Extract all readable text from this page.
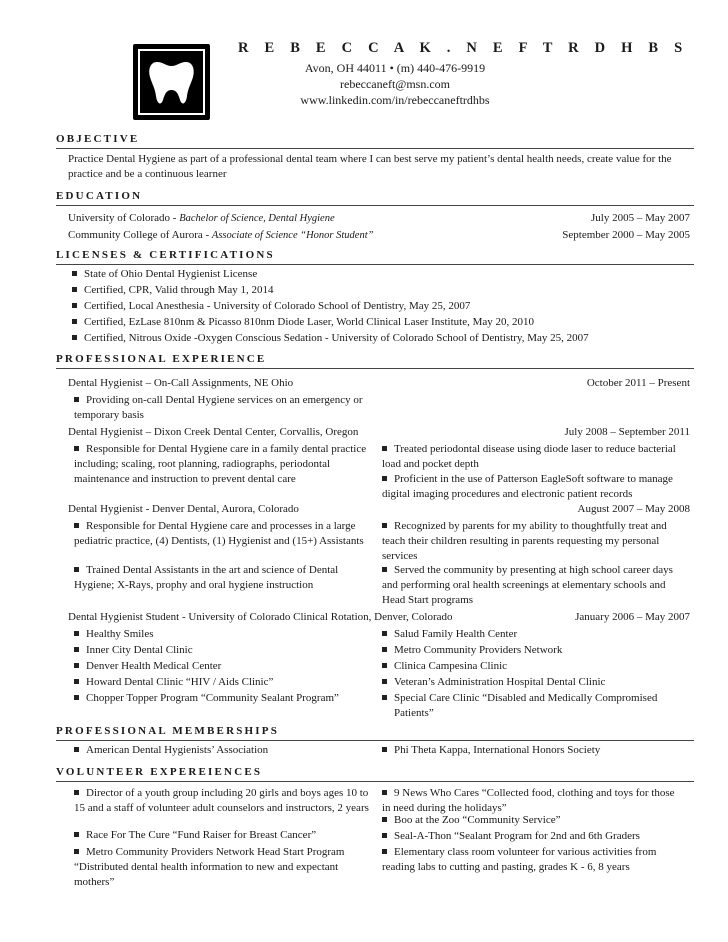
R E B E C C A K . N E F T R D H B S
Avon, OH 44011 • (m) 440-476-9919
rebeccaneft@msn.com
www.linkedin.com/in/rebeccaneftrdhbs
OBJECTIVE
Practice Dental Hygiene as part of a professional dental team where I can best serve my patient’s dental health needs, create value for the practice and be a continuous learner
EDUCATION
University of Colorado - Bachelor of Science, Dental Hygiene	July 2005 – May 2007
Community College of Aurora - Associate of Science “Honor Student”	September 2000 – May 2005
LICENSES & CERTIFICATIONS
State of Ohio Dental Hygienist License
Certified, CPR, Valid through May 1, 2014
Certified, Local Anesthesia - University of Colorado School of Dentistry, May 25, 2007
Certified, EzLase 810nm & Picasso 810nm Diode Laser, World Clinical Laser Institute, May 20, 2010
Certified, Nitrous Oxide -Oxygen Conscious Sedation - University of Colorado School of Dentistry, May 25, 2007
PROFESSIONAL EXPERIENCE
Dental Hygienist – On-Call Assignments, NE Ohio	October 2011 – Present
Providing on-call Dental Hygiene services on an emergency or temporary basis
Dental Hygienist – Dixon Creek Dental Center, Corvallis, Oregon	July 2008 – September 2011
Responsible for Dental Hygiene care in a family dental practice including; scaling, root planning, radiographs, periodontal maintenance and instruction to prevent dental care
Treated periodontal disease using diode laser to reduce bacterial load and pocket depth
Proficient in the use of Patterson EagleSoft software to manage digital imaging procedures and electronic patient records
Dental Hygienist - Denver Dental, Aurora, Colorado	August 2007 – May 2008
Responsible for Dental Hygiene care and processes in a large pediatric practice, (4) Dentists, (1) Hygienist and (15+) Assistants
Trained Dental Assistants in the art and science of Dental Hygiene; X-Rays, prophy and oral hygiene instruction
Recognized by parents for my ability to thoughtfully treat and teach their children resulting in parents requesting my personal services
Served the community by presenting at high school career days and performing oral health screenings at elementary schools and Head Start programs
Dental Hygienist Student - University of Colorado Clinical Rotation, Denver, Colorado	January 2006 – May 2007
Healthy Smiles
Inner City Dental Clinic
Denver Health Medical Center
Howard Dental Clinic “HIV / Aids Clinic”
Chopper Topper Program “Community Sealant Program”
Salud Family Health Center
Metro Community Providers Network
Clinica Campesina Clinic
Veteran’s Administration Hospital Dental Clinic
Special Care Clinic “Disabled and Medically Compromised Patients”
PROFESSIONAL MEMBERSHIPS
American Dental Hygienists’ Association	Phi Theta Kappa, International Honors Society
VOLUNTEER EXPEREIENCES
Director of a youth group including 20 girls and boys ages 10 to 15 and a staff of volunteer adult counselors and instructors, 2 years
Race For The Cure “Fund Raiser for Breast Cancer”
Metro Community Providers Network Head Start Program “Distributed dental health information to new and expectant mothers”
9 News Who Cares “Collected food, clothing and toys for those in need during the holidays”
Boo at the Zoo “Community Service”
Seal-A-Thon “Sealant Program for 2nd and 6th Graders
Elementary class room volunteer for various activities from reading labs to cutting and pasting, grades K - 6, 8 years
